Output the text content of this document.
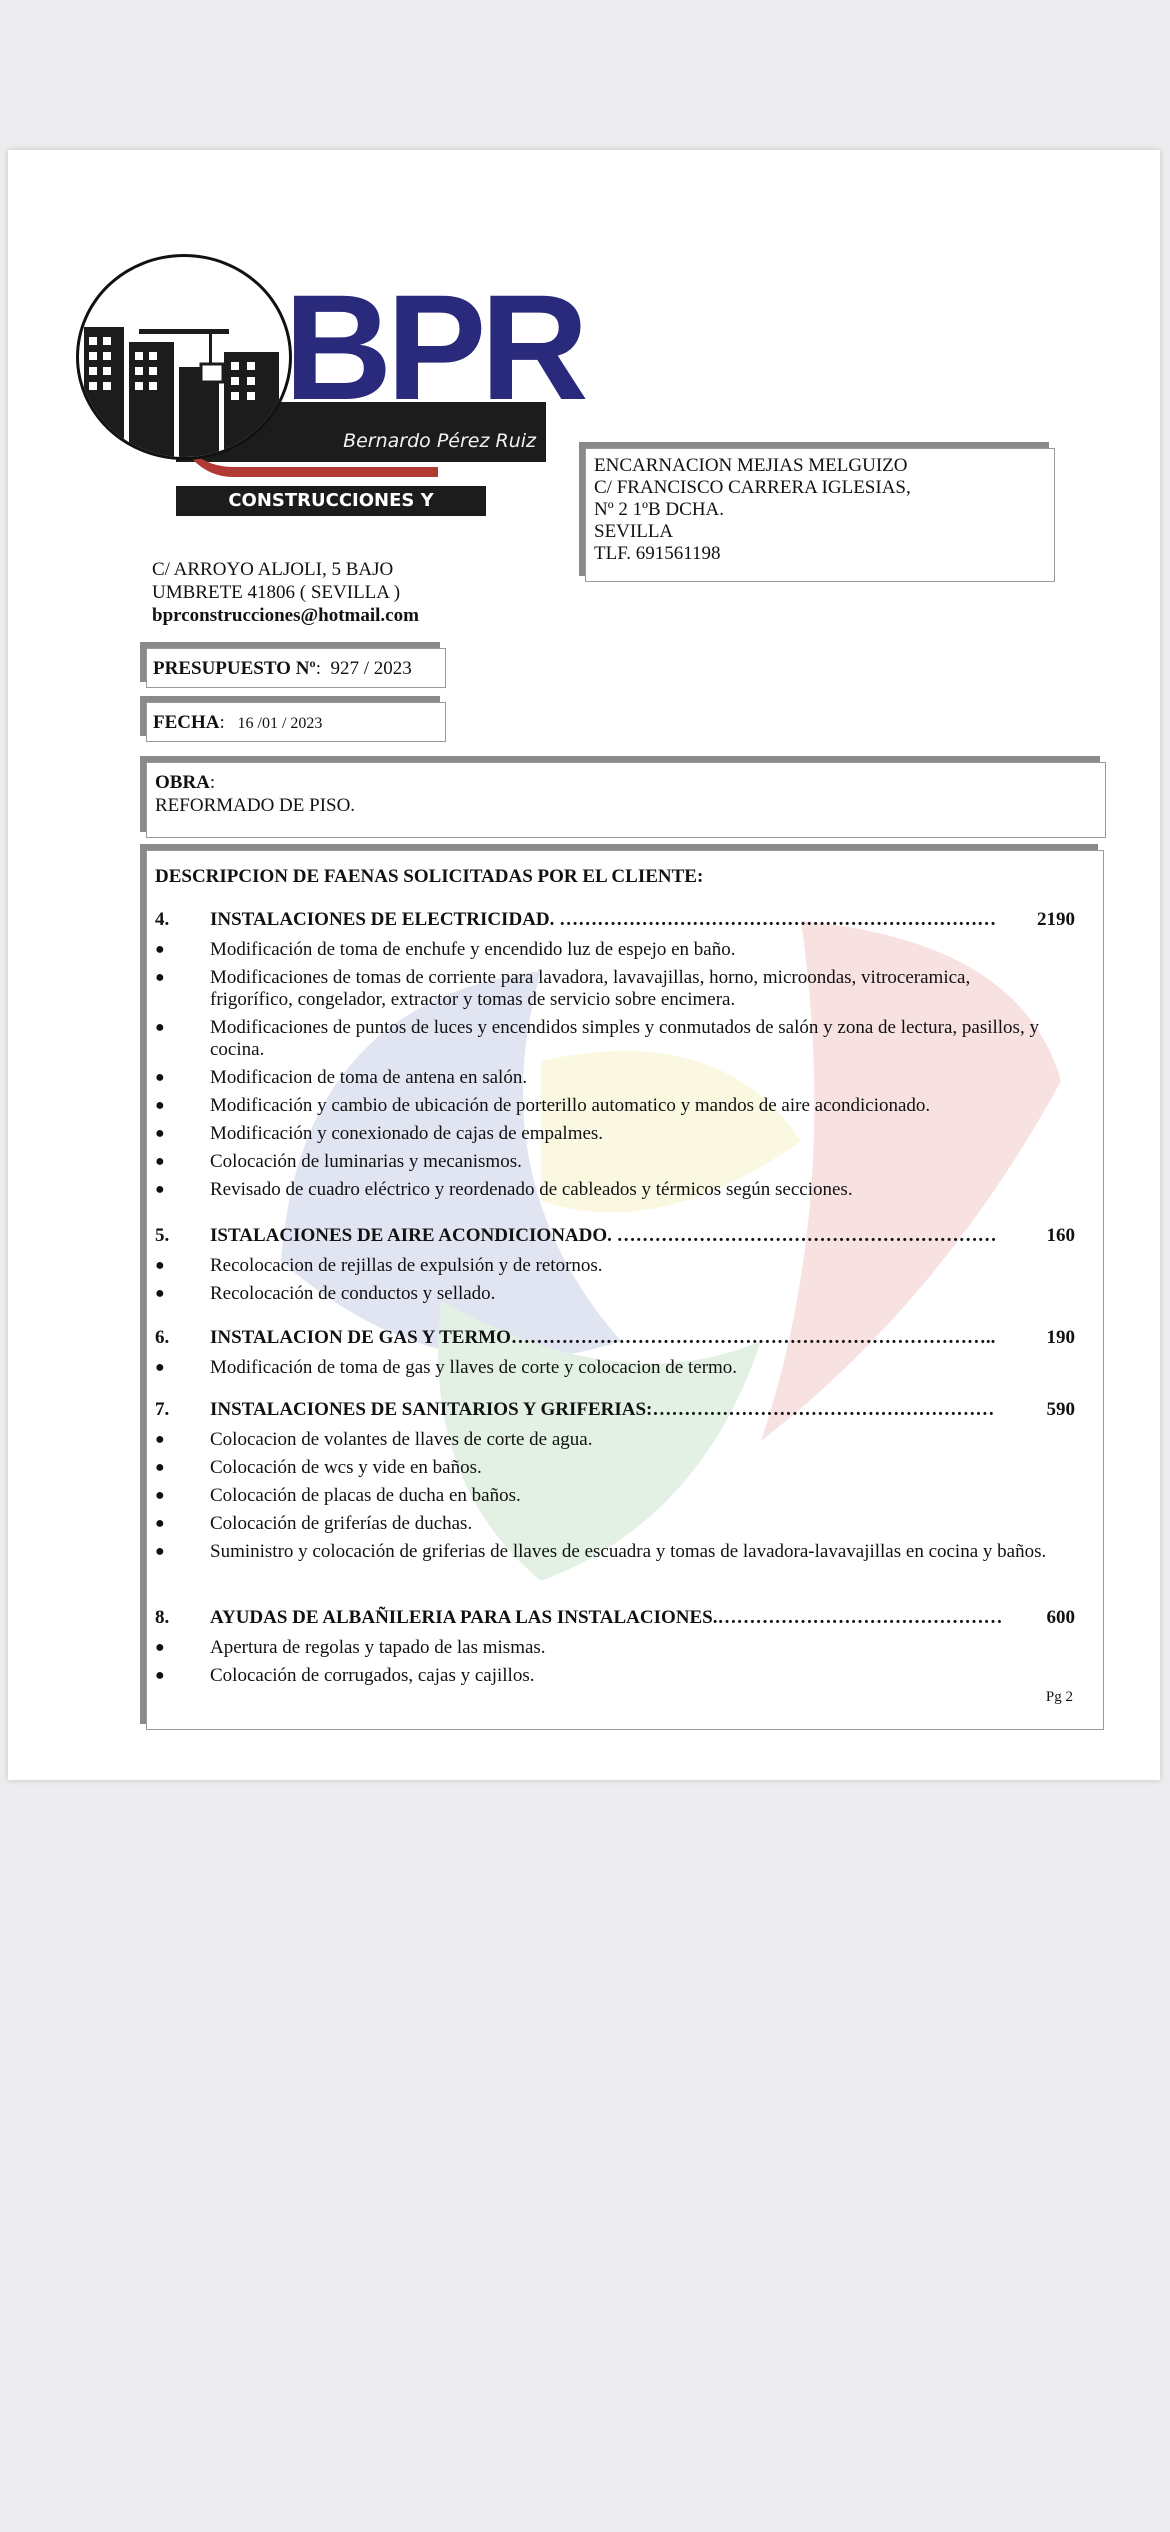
BPR
Bernardo Pérez Ruiz
CONSTRUCCIONES Y REFORMAS
C/ ARROYO ALJOLI, 5 BAJO
UMBRETE 41806 ( SEVILLA )
bprconstrucciones@hotmail.com
ENCARNACION MEJIAS MELGUIZO
C/ FRANCISCO CARRERA IGLESIAS,
Nº 2 1ºB DCHA.
SEVILLA
TLF. 691561198
PRESUPUESTO Nº:  927 / 2023
FECHA: 16 /01 / 2023
OBRA:
REFORMADO DE PISO.
DESCRIPCION DE FAENAS SOLICITADAS POR EL CLIENTE:
4.	INSTALACIONES DE ELECTRICIDAD. ……………………………………………………………	2190
●	Modificación de toma de enchufe y encendido luz de espejo en baño.
●	Modificaciones de tomas de corriente para lavadora, lavavajillas, horno, microondas, vitroceramica, frigorífico, congelador, extractor y tomas de servicio sobre encimera.
●	Modificaciones de puntos de luces y encendidos simples y conmutados de salón y zona de lectura, pasillos, y cocina.
●	Modificacion de toma de antena en salón.
●	Modificación y cambio de ubicación de porterillo automatico y mandos de aire acondicionado.
●	Modificación y conexionado de cajas de empalmes.
●	Colocación de luminarias y mecanismos.
●	Revisado de cuadro eléctrico y reordenado de cableados y térmicos según secciones.
5.	ISTALACIONES DE AIRE ACONDICIONADO. ……………………………………………………	160
●	Recolocacion de rejillas de expulsión y de retornos.
●	Recolocación de conductos y sellado.
6.	INSTALACION DE GAS Y TERMO…………………………………………………………………..	190
●	Modificación de toma de gas y llaves de corte y colocacion de termo.
7.	INSTALACIONES DE SANITARIOS Y GRIFERIAS:………………………………………………	590
●	Colocacion de volantes de llaves de corte de agua.
●	Colocación de wcs y vide en baños.
●	Colocación de placas de ducha en baños.
●	Colocación de griferías de duchas.
●	Suministro y colocación de griferias de llaves de escuadra y tomas de lavadora-lavavajillas en cocina y baños.
8.	AYUDAS DE ALBAÑILERIA PARA LAS INSTALACIONES.………………………………………	600
●	Apertura de regolas y tapado de las mismas.
●	Colocación de corrugados, cajas y cajillos.
Pg 2
